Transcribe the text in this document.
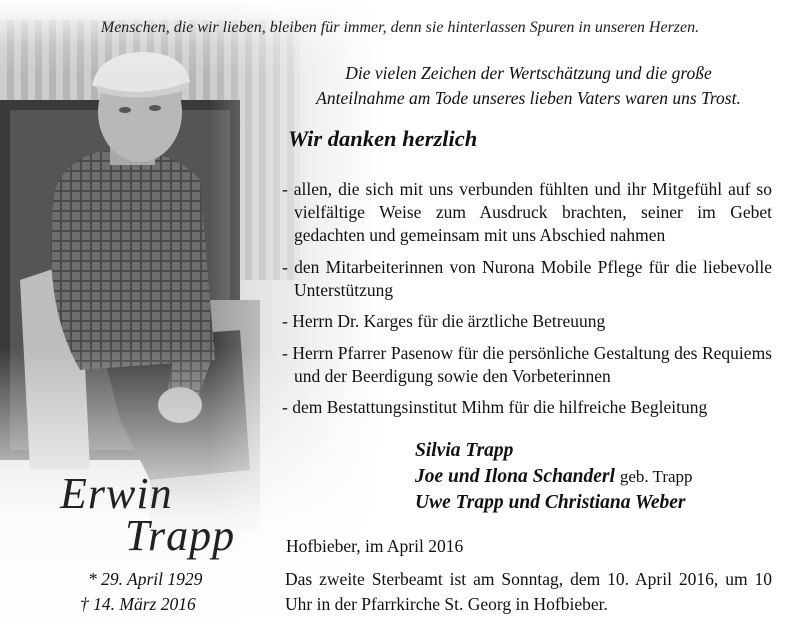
Menschen, die wir lieben, bleiben für immer, denn sie hinterlassen Spuren in unseren Herzen.

Die vielen Zeichen der Wertschätzung und die große
Anteilnahme am Tode unseres lieben Vaters waren uns Trost.
Wir danken herzlich
- allen, die sich mit uns verbunden fühlten und ihr Mitgefühl auf so vielfältige Weise zum Ausdruck brachten, seiner im Gebet gedachten und gemeinsam mit uns Abschied nahmen
- den Mitarbeiterinnen von Nurona Mobile Pflege für die liebevolle Unterstützung
- Herrn Dr. Karges für die ärztliche Betreuung
- Herrn Pfarrer Pasenow für die persönliche Gestaltung des Requiems und der Beerdigung sowie den Vorbeterinnen
- dem Bestattungsinstitut Mihm für die hilfreiche Begleitung
Silvia Trapp
Joe und Ilona Schanderl geb. Trapp
Uwe Trapp und Christiana Weber

Hofbieber, im April 2016

Das zweite Sterbeamt ist am Sonntag, dem 10. April 2016, um 10 Uhr in der Pfarrkirche St. Georg in Hofbieber.

Erwin
Trapp
* 29. April 1929
† 14. März 2016
